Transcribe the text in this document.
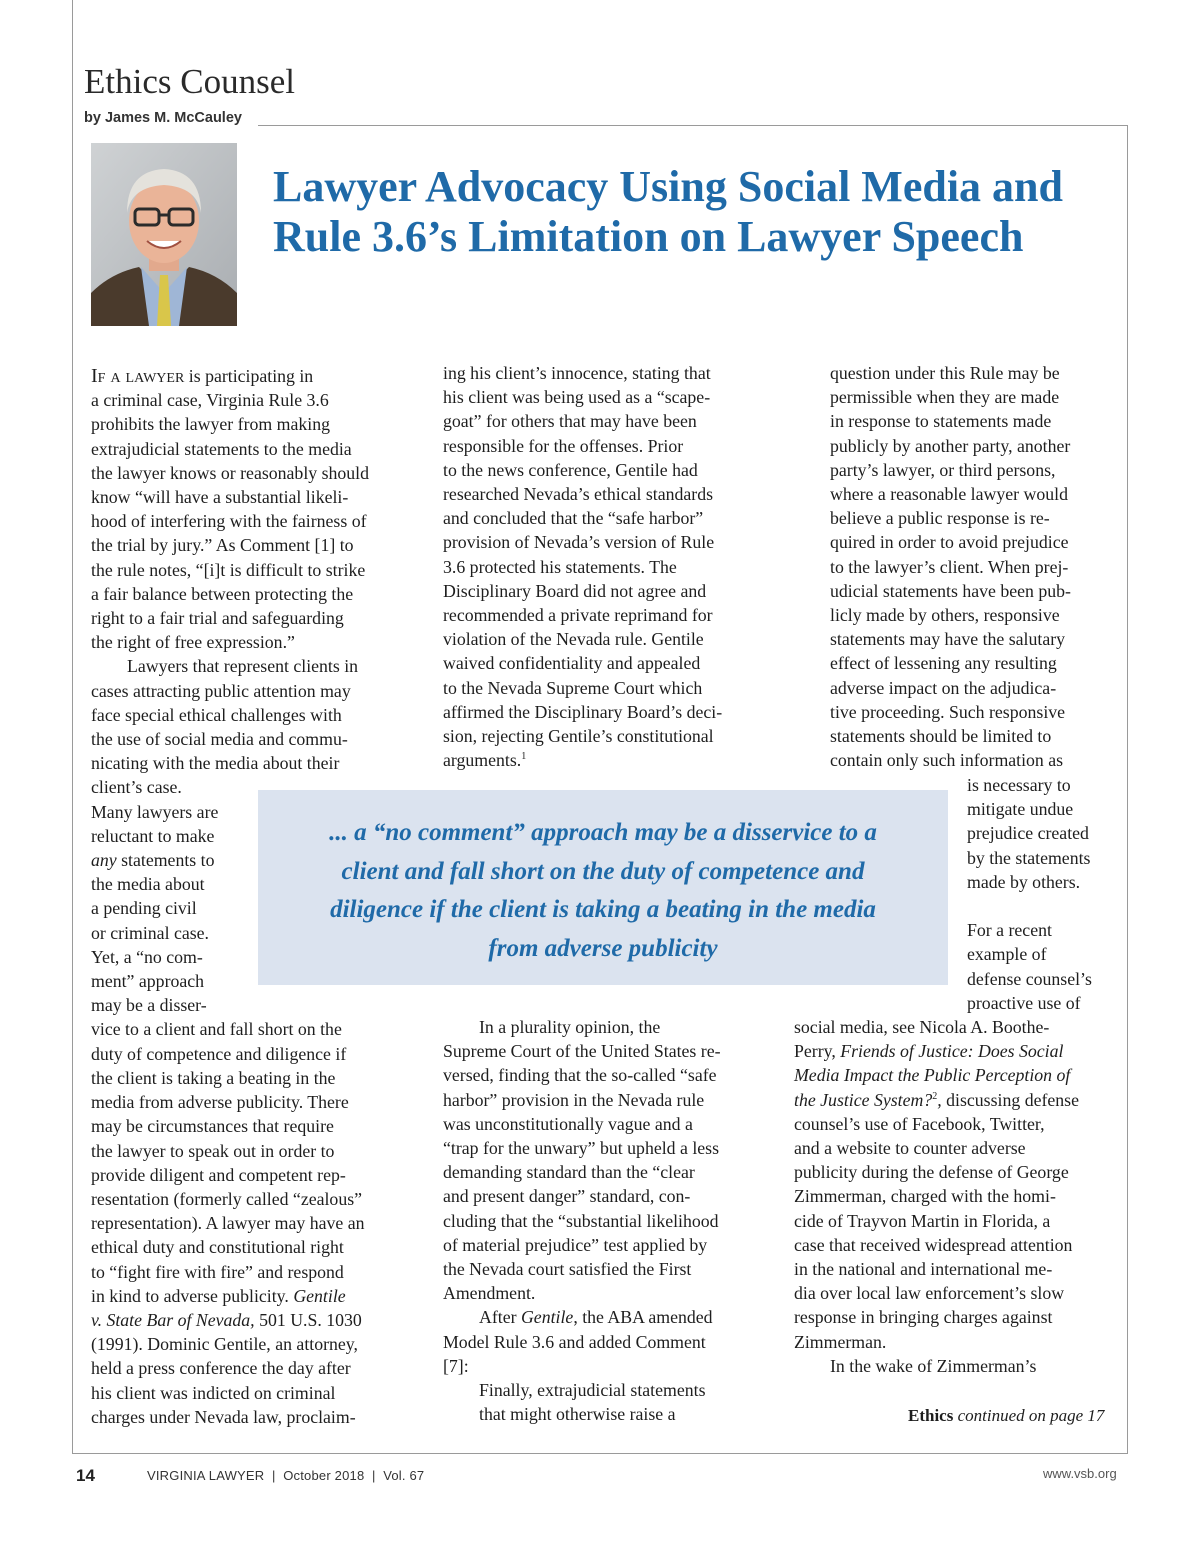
Ethics Counsel
by James M. McCauley
Lawyer Advocacy Using Social Media and
Rule 3.6’s Limitation on Lawyer Speech
If a lawyer is participating in
a criminal case, Virginia Rule 3.6
prohibits the lawyer from making
extrajudicial statements to the media
the lawyer knows or reasonably should
know “will have a substantial likeli-
hood of interfering with the fairness of
the trial by jury.” As Comment [1] to
the rule notes, “[i]t is difficult to strike
a fair balance between protecting the
right to a fair trial and safeguarding
the right of free expression.”
Lawyers that represent clients in
cases attracting public attention may
face special ethical challenges with
the use of social media and commu-
nicating with the media about their
client’s case.
Many lawyers are
reluctant to make
any statements to
the media about
a pending civil
or criminal case.
Yet, a “no com-
ment” approach
may be a disser-
vice to a client and fall short on the
duty of competence and diligence if
the client is taking a beating in the
media from adverse publicity. There
may be circumstances that require
the lawyer to speak out in order to
provide diligent and competent rep-
resentation (formerly called “zealous”
representation). A lawyer may have an
ethical duty and constitutional right
to “fight fire with fire” and respond
in kind to adverse publicity. Gentile
v. State Bar of Nevada, 501 U.S. 1030
(1991). Dominic Gentile, an attorney,
held a press conference the day after
his client was indicted on criminal
charges under Nevada law, proclaim-
ing his client’s innocence, stating that
his client was being used as a “scape-
goat” for others that may have been
responsible for the offenses. Prior
to the news conference, Gentile had
researched Nevada’s ethical standards
and concluded that the “safe harbor”
provision of Nevada’s version of Rule
3.6 protected his statements. The
Disciplinary Board did not agree and
recommended a private reprimand for
violation of the Nevada rule. Gentile
waived confidentiality and appealed
to the Nevada Supreme Court which
affirmed the Disciplinary Board’s deci-
sion, rejecting Gentile’s constitutional
arguments.$^1$
In a plurality opinion, the
Supreme Court of the United States re-
versed, finding that the so-called “safe
harbor” provision in the Nevada rule
was unconstitutionally vague and a
“trap for the unwary” but upheld a less
demanding standard than the “clear
and present danger” standard, con-
cluding that the “substantial likelihood
of material prejudice” test applied by
the Nevada court satisfied the First
Amendment.
After Gentile, the ABA amended
Model Rule 3.6 and added Comment
[7]:
Finally, extrajudicial statements
that might otherwise raise a
question under this Rule may be
permissible when they are made
in response to statements made
publicly by another party, another
party’s lawyer, or third persons,
where a reasonable lawyer would
believe a public response is re-
quired in order to avoid prejudice
to the lawyer’s client. When prej-
udicial statements have been pub-
licly made by others, responsive
statements may have the salutary
effect of lessening any resulting
adverse impact on the adjudica-
tive proceeding. Such responsive
statements should be limited to
contain only such information as
is necessary to
mitigate undue
prejudice created
by the statements
made by others.

For a recent
example of
defense counsel’s
proactive use of
social media, see Nicola A. Boothe-
Perry, Friends of Justice: Does Social
Media Impact the Public Perception of
the Justice System?$^2$, discussing defense
counsel’s use of Facebook, Twitter,
and a website to counter adverse
publicity during the defense of George
Zimmerman, charged with the homi-
cide of Trayvon Martin in Florida, a
case that received widespread attention
in the national and international me-
dia over local law enforcement’s slow
response in bringing charges against
Zimmerman.
In the wake of Zimmerman’s
... a “no comment” approach may be a disservice to a
client and fall short on the duty of competence and
diligence if the client is taking a beating in the media
from adverse publicity
Ethics continued on page 17
14	VIRGINIA LAWYER  |  October 2018  |  Vol. 67	www.vsb.org
